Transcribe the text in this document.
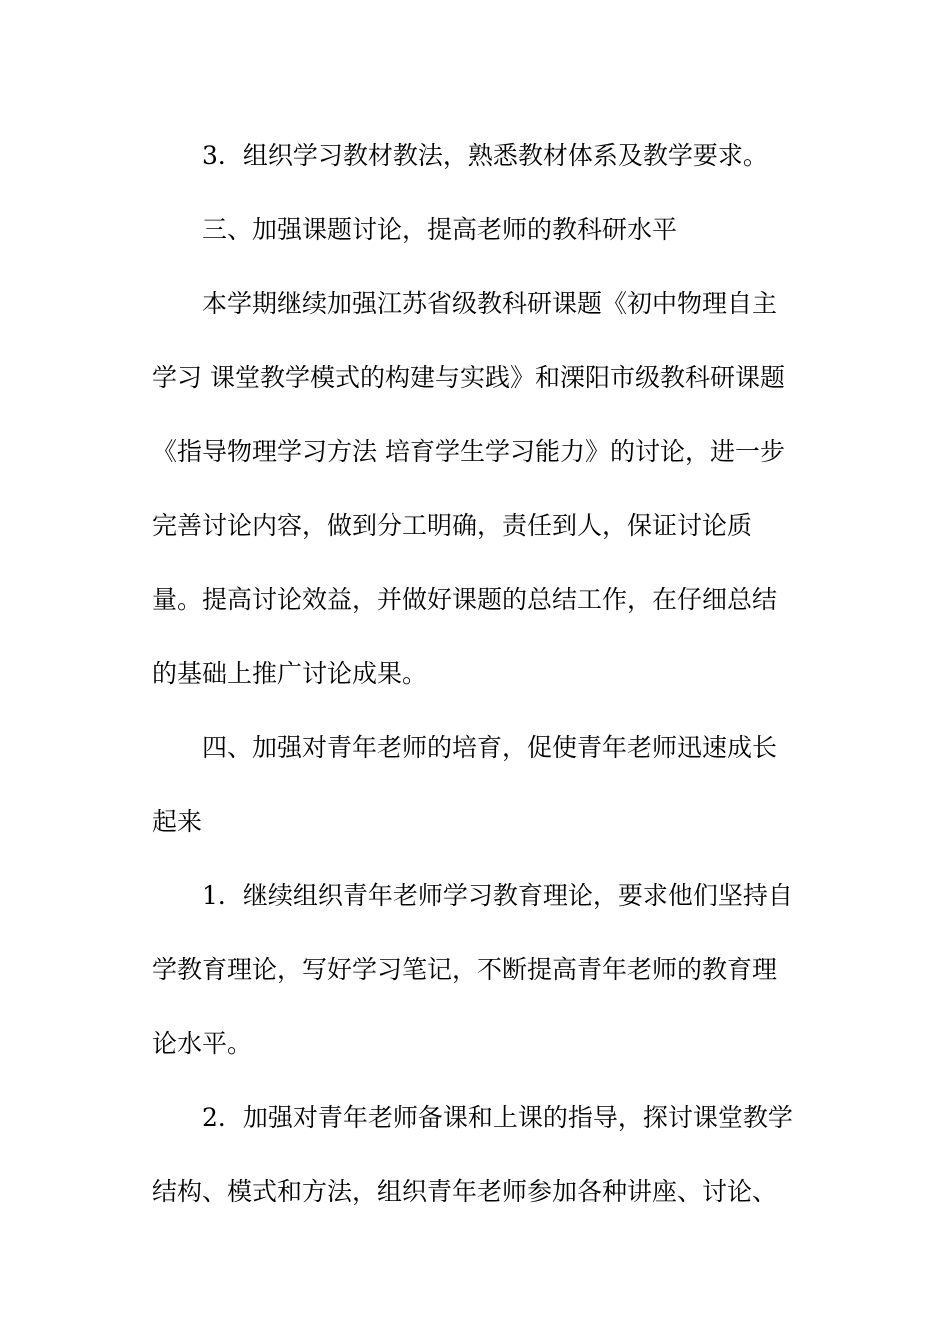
3．组织学习教材教法，熟悉教材体系及教学要求。
三、加强课题讨论，提高老师的教科研水平
本学期继续加强江苏省级教科研课题《初中物理自主
学习 课堂教学模式的构建与实践》和溧阳市级教科研课题
《指导物理学习方法 培育学生学习能力》的讨论，进一步
完善讨论内容，做到分工明确，责任到人，保证讨论质
量。提高讨论效益，并做好课题的总结工作，在仔细总结
的基础上推广讨论成果。
四、加强对青年老师的培育，促使青年老师迅速成长
起来
1．继续组织青年老师学习教育理论，要求他们坚持自
学教育理论，写好学习笔记，不断提高青年老师的教育理
论水平。
2．加强对青年老师备课和上课的指导，探讨课堂教学
结构、模式和方法，组织青年老师参加各种讲座、讨论、
